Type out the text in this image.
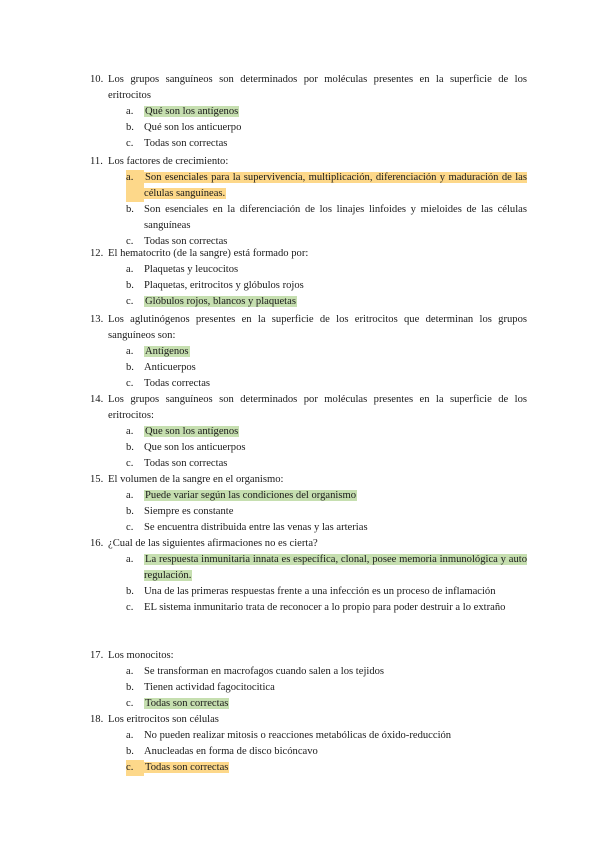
10. Los grupos sanguíneos son determinados por moléculas presentes en la superficie de los eritrocitos
a.	Qué son los antígenos
b. Qué son los anticuerpo
c.	Todas son correctas
11. Los factores de crecimiento:
a.	Son esenciales para la supervivencia, multiplicación, diferenciación y maduración de las células sanguíneas.
b. Son esenciales en la diferenciación de los linajes linfoides y mieloides de las células sanguíneas
c.	Todas son correctas
12. El hematocrito (de la sangre) está formado por:
a.	Plaquetas y leucocitos
b. Plaquetas, eritrocitos y glóbulos rojos
c.	Glóbulos rojos, blancos y plaquetas
13. Los aglutinógenos presentes en la superficie de los eritrocitos que determinan los grupos sanguíneos son:
a.	Antígenos
b. Anticuerpos
c.	Todas correctas
14. Los grupos sanguíneos son determinados por moléculas presentes en la superficie de los eritrocitos:
a.	Que son los antígenos
b. Que son los anticuerpos
c.	Todas son correctas
15. El volumen de la sangre en el organismo:
a.	Puede variar según las condiciones del organismo
b. Siempre es constante
c.	Se encuentra distribuida entre las venas y las arterias
16. ¿Cual de las siguientes afirmaciones no es cierta?
a.	La respuesta inmunitaria innata es específica, clonal, posee memoria inmunológica y auto regulación.
b. Una de las primeras respuestas frente a una infección es un proceso de inflamación
c.	EL sistema inmunitario trata de reconocer a lo propio para poder destruir a lo extraño
17. Los monocitos:
a.	Se transforman en macrofagos cuando salen a los tejidos
b. Tienen actividad fagocitocitica
c.	Todas son correctas
18. Los eritrocitos son células
a.	No pueden realizar mitosis o reacciones metabólicas de óxido-reducción
b. Anucleadas en forma de disco bicóncavo
c.	Todas son correctas
